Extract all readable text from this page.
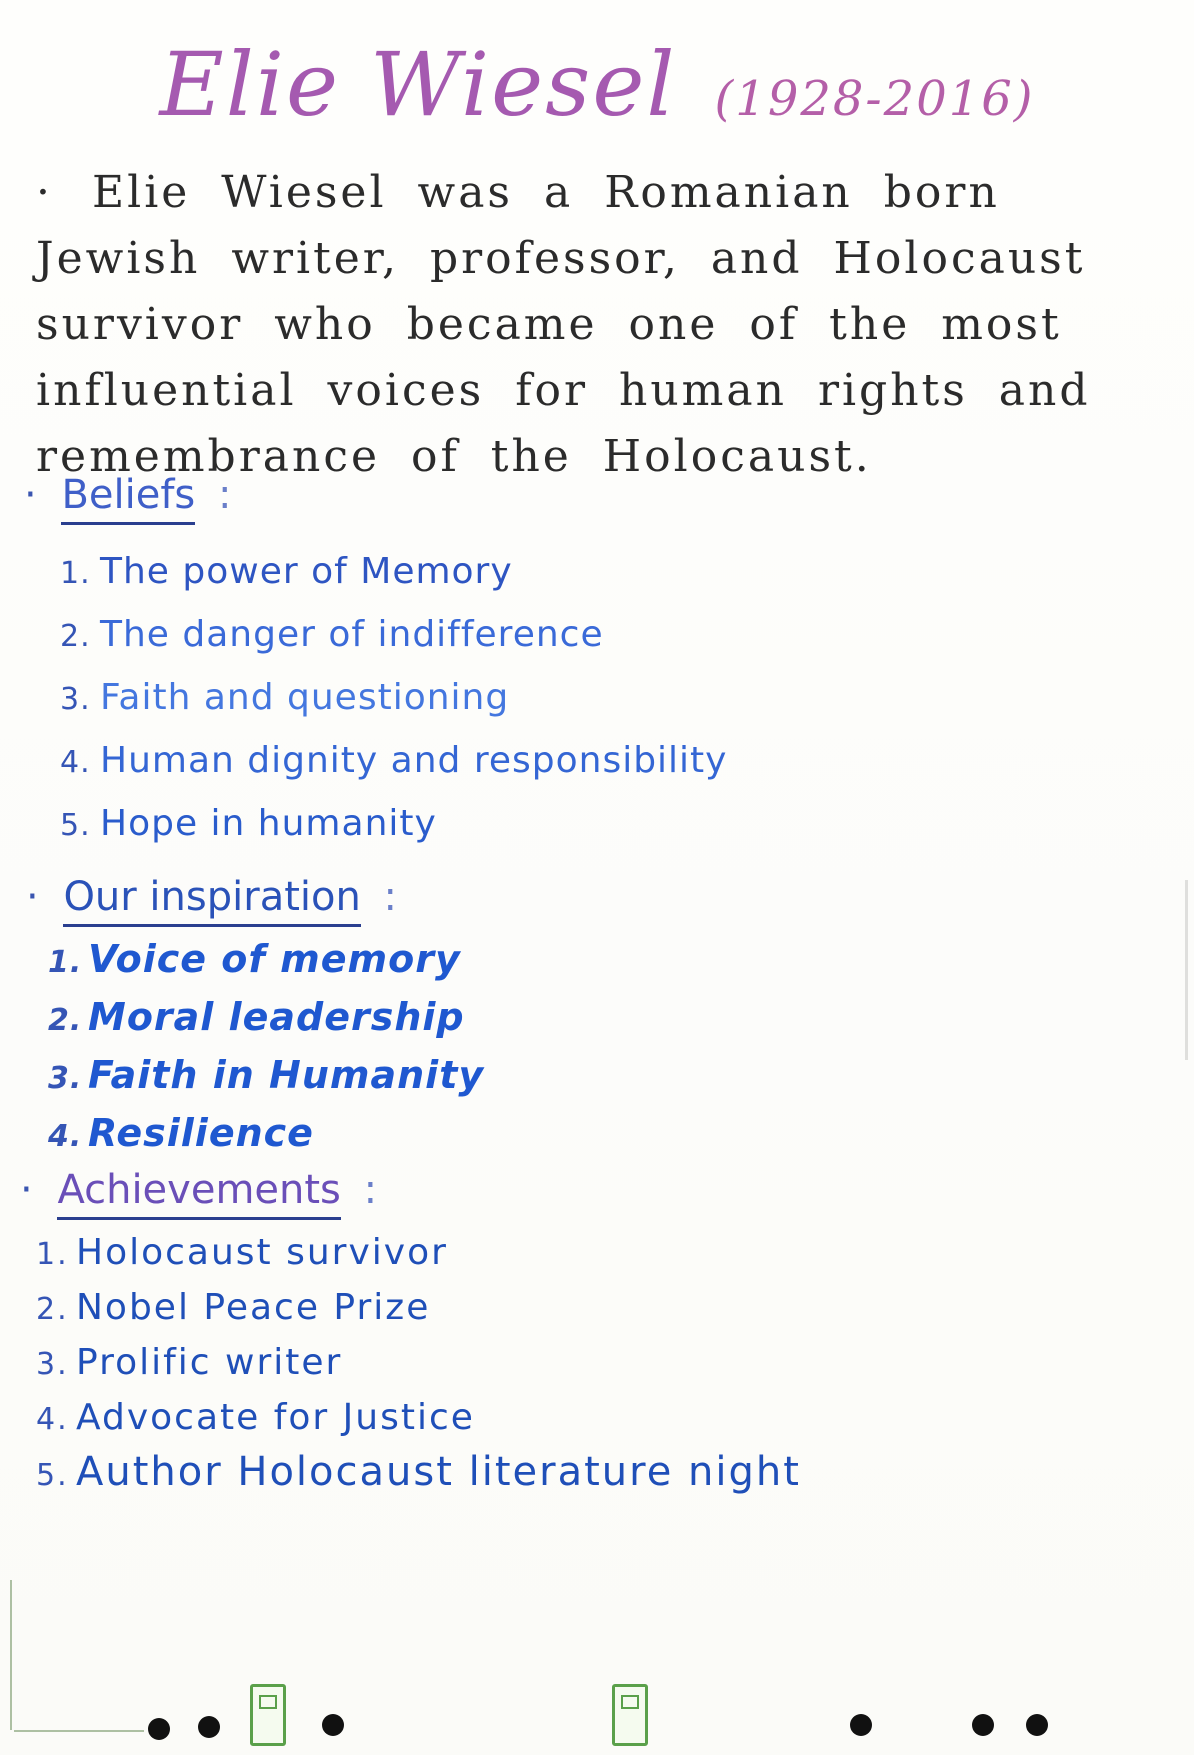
Elie Wiesel (1928-2016)
· Elie Wiesel was a Romanian born Jewish writer, professor, and Holocaust survivor who became one of the most influential voices for human rights and remembrance of the Holocaust.
· Beliefs :
1. The power of Memory
2. The danger of indifference
3. Faith and questioning
4. Human dignity and responsibility
5. Hope in humanity
· Our inspiration :
1. Voice of memory
2. Moral leadership
3. Faith in Humanity
4. Resilience
· Achievements :
1. Holocaust survivor
2. Nobel Peace Prize
3. Prolific writer
4. Advocate for Justice
5. Author Holocaust literature night
